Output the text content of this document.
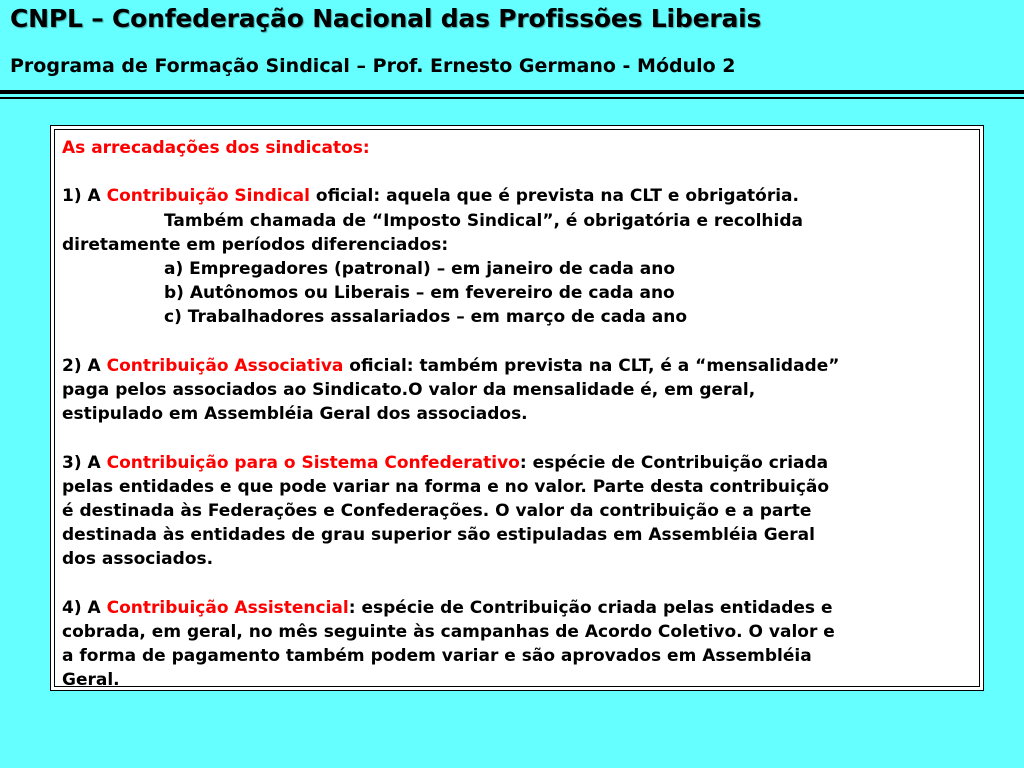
CNPL – Confederação Nacional das Profissões Liberais
Programa de Formação Sindical – Prof. Ernesto Germano - Módulo 2

As arrecadações dos sindicatos:

1) A Contribuição Sindical oficial: aquela que é prevista na CLT e obrigatória.

Também chamada de “Imposto Sindical”, é obrigatória e recolhida

diretamente em períodos diferenciados:

a) Empregadores (patronal) – em janeiro de cada ano

b) Autônomos ou Liberais – em fevereiro de cada ano

c) Trabalhadores assalariados – em março de cada ano

2) A Contribuição Associativa oficial: também prevista na CLT, é a “mensalidade”

paga pelos associados ao Sindicato.O valor da mensalidade é, em geral,

estipulado em Assembléia Geral dos associados.

3) A Contribuição para o Sistema Confederativo: espécie de Contribuição criada

pelas entidades e que pode variar na forma e no valor. Parte desta contribuição

é destinada às Federações e Confederações. O valor da contribuição e a parte

destinada às entidades de grau superior são estipuladas em Assembléia Geral

dos associados.

4) A Contribuição Assistencial: espécie de Contribuição criada pelas entidades e

cobrada, em geral, no mês seguinte às campanhas de Acordo Coletivo. O valor e

a forma de pagamento também podem variar e são aprovados em Assembléia

Geral.
